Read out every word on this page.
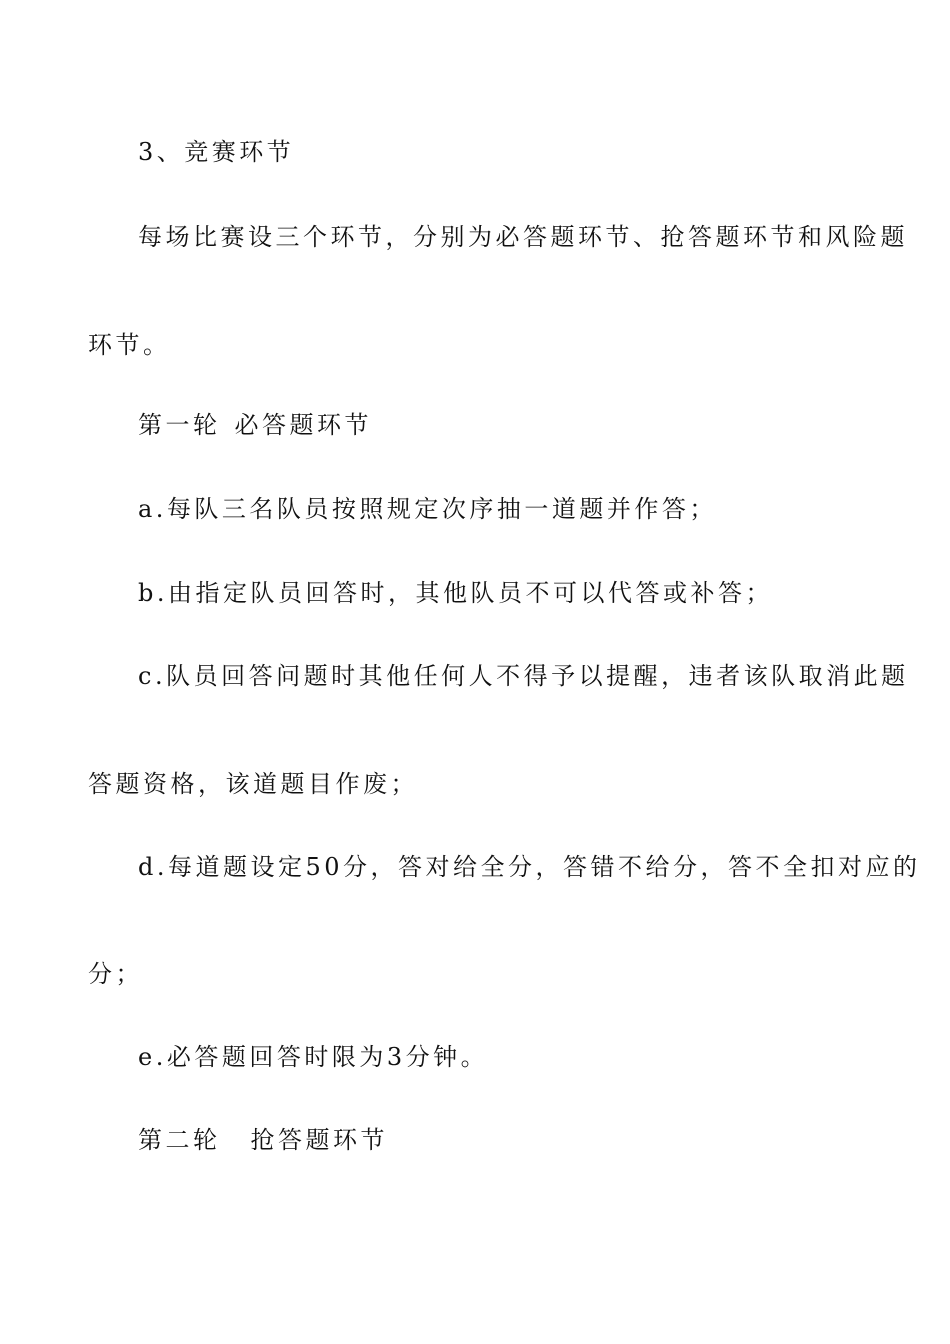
3、竞赛环节
每场比赛设三个环节，分别为必答题环节、抢答题环节和风险题
环节。
第一轮 必答题环节
a.每队三名队员按照规定次序抽一道题并作答；
b.由指定队员回答时，其他队员不可以代答或补答；
c.队员回答问题时其他任何人不得予以提醒，违者该队取消此题
答题资格，该道题目作废；
d.每道题设定50分，答对给全分，答错不给分，答不全扣对应的
分；
e.必答题回答时限为3分钟。
第二轮 抢答题环节
